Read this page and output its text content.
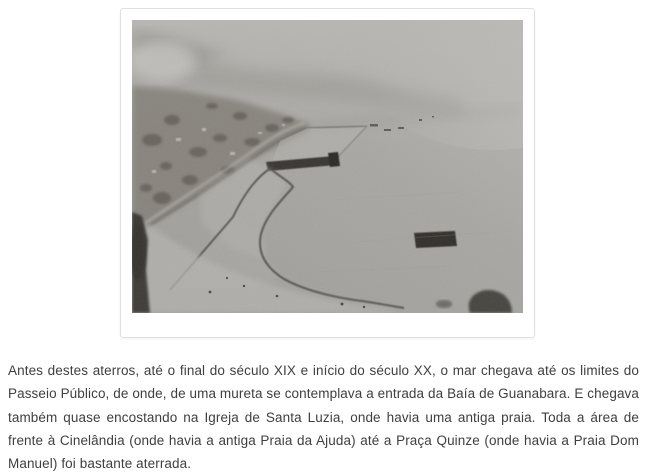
Antes destes aterros, até o final do século XIX e início do século XX, o mar chegava até os limites do Passeio Público, de onde, de uma mureta se contemplava a entrada da Baía de Guanabara. E chegava também quase encostando na Igreja de Santa Luzia, onde havia uma antiga praia. Toda a área de frente à Cinelândia (onde havia a antiga Praia da Ajuda) até a Praça Quinze (onde havia a Praia Dom Manuel) foi bastante aterrada.
